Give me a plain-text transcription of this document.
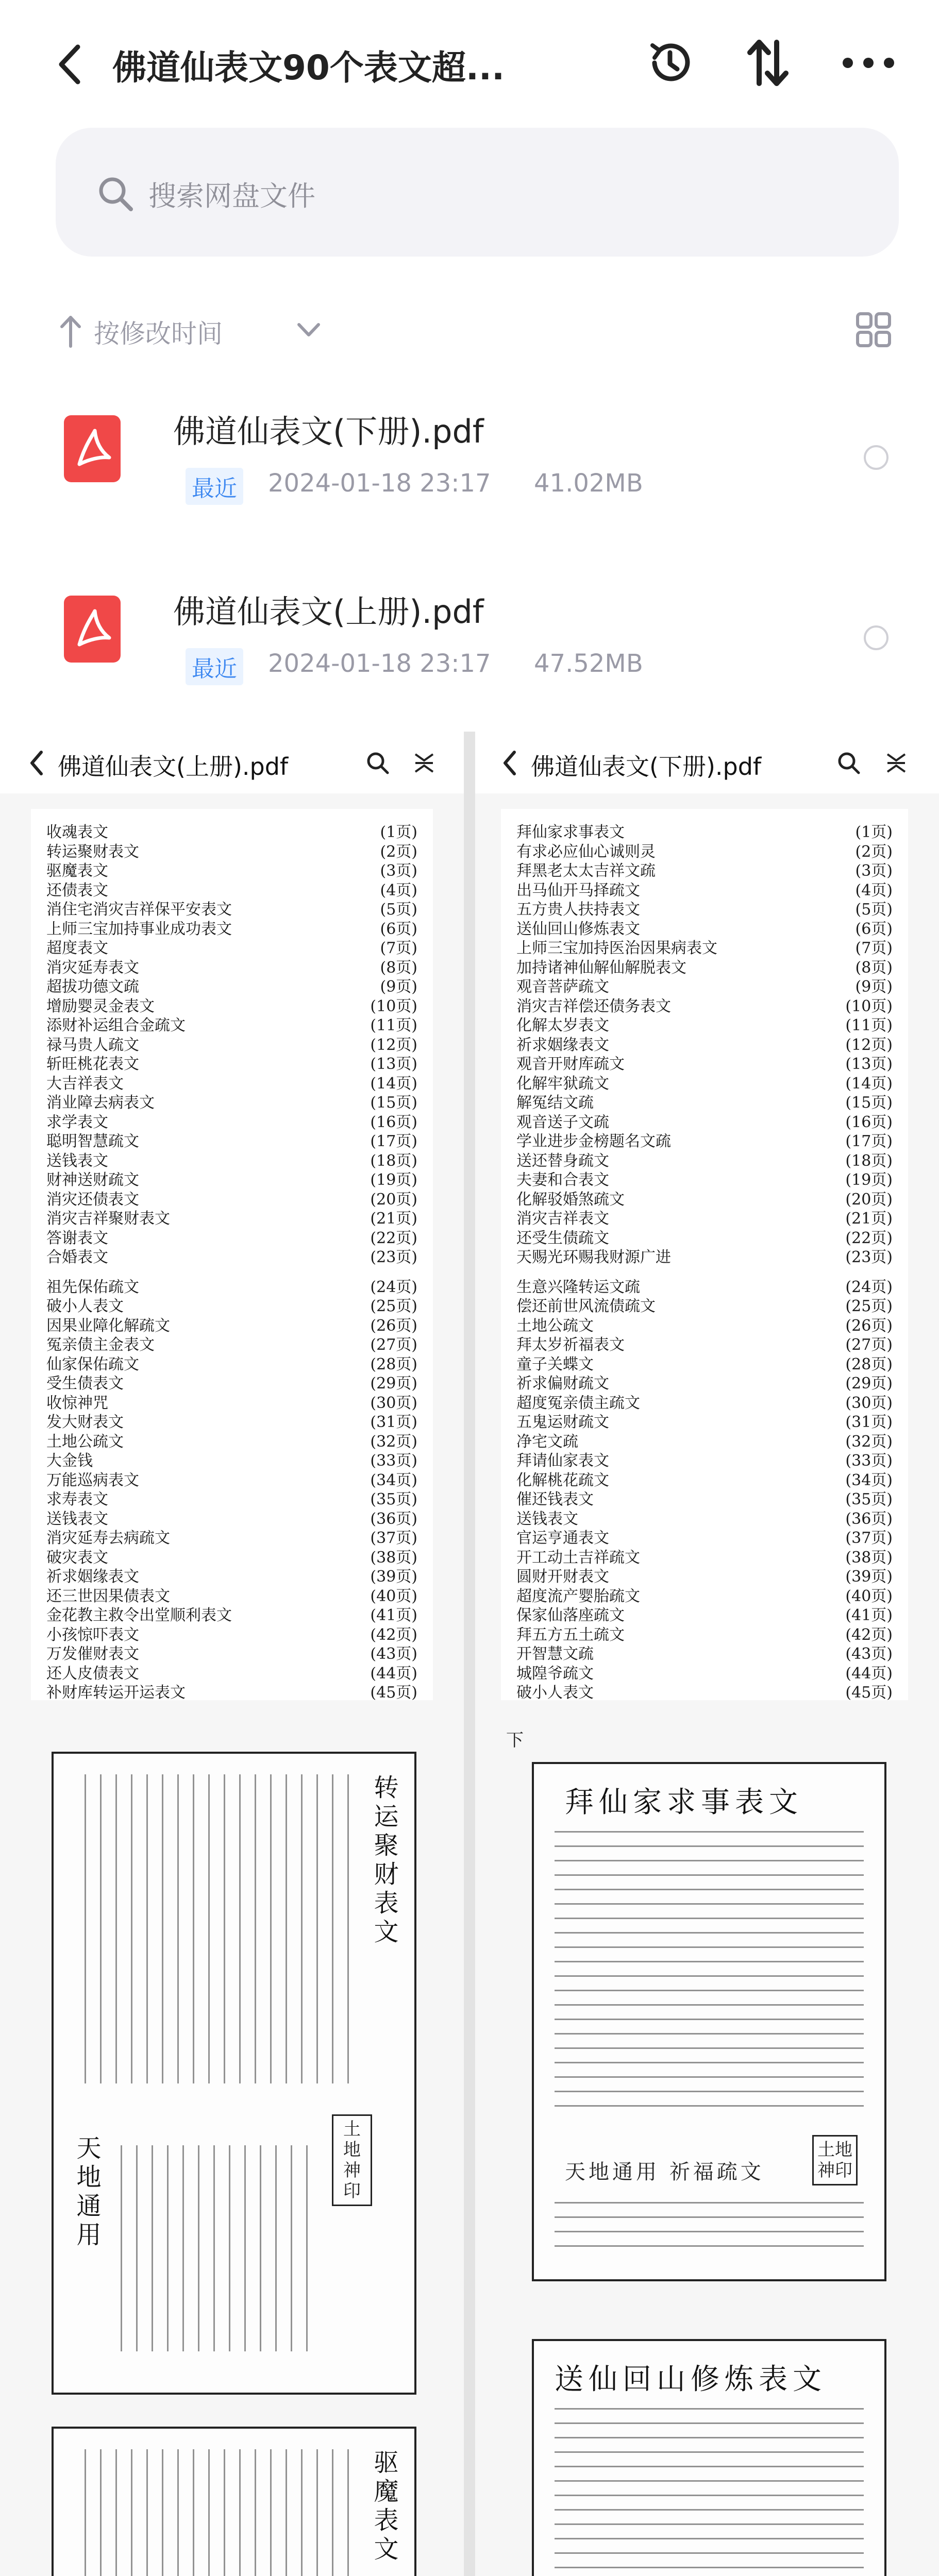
佛道仙表文90个表文超...
搜索网盘文件
按修改时间
佛道仙表文(下册).pdf
最近 2024-01-18 23:17 41.02MB
佛道仙表文(上册).pdf
最近 2024-01-18 23:17 47.52MB
佛道仙表文(上册).pdf
收魂表文	(1页)
转运聚财表文	(2页)
驱魔表文	(3页)
还债表文	(4页)
消住宅消灾吉祥保平安表文	(5页)
上师三宝加持事业成功表文	(6页)
超度表文	(7页)
消灾延寿表文	(8页)
超拔功德文疏	(9页)
增励婴灵金表文	(10页)
添财补运组合金疏文	(11页)
禄马贵人疏文	(12页)
斩旺桃花表文	(13页)
大吉祥表文	(14页)
消业障去病表文	(15页)
求学表文	(16页)
聪明智慧疏文	(17页)
送钱表文	(18页)
财神送财疏文	(19页)
消灾还债表文	(20页)
消灾吉祥聚财表文	(21页)
答谢表文	(22页)
合婚表文	(23页)
祖先保佑疏文	(24页)
破小人表文	(25页)
因果业障化解疏文	(26页)
冤亲债主金表文	(27页)
仙家保佑疏文	(28页)
受生债表文	(29页)
收惊神咒	(30页)
发大财表文	(31页)
土地公疏文	(32页)
大金钱	(33页)
万能巡病表文	(34页)
求寿表文	(35页)
送钱表文	(36页)
消灾延寿去病疏文	(37页)
破灾表文	(38页)
祈求姻缘表文	(39页)
还三世因果债表文	(40页)
金花教主救令出堂顺利表文	(41页)
小孩惊吓表文	(42页)
万发催财表文	(43页)
还人皮债表文	(44页)
补财库转运开运表文	(45页)
转运聚财表文
土地神印
天地通用
驱魔表文
佛道仙表文(下册).pdf
拜仙家求事表文	(1页)
有求必应仙心诚则灵	(2页)
拜黑老太太吉祥文疏	(3页)
出马仙开马择疏文	(4页)
五方贵人扶持表文	(5页)
送仙回山修炼表文	(6页)
上师三宝加持医治因果病表文	(7页)
加持诸神仙解仙解脱表文	(8页)
观音菩萨疏文	(9页)
消灾吉祥偿还债务表文	(10页)
化解太岁表文	(11页)
祈求姻缘表文	(12页)
观音开财库疏文	(13页)
化解牢狱疏文	(14页)
解冤结文疏	(15页)
观音送子文疏	(16页)
学业进步金榜题名文疏	(17页)
送还替身疏文	(18页)
夫妻和合表文	(19页)
化解驳婚煞疏文	(20页)
消灾吉祥表文	(21页)
还受生债疏文	(22页)
天赐光环赐我财源广进	(23页)
生意兴隆转运文疏	(24页)
偿还前世风流债疏文	(25页)
土地公疏文	(26页)
拜太岁祈福表文	(27页)
童子关蝶文	(28页)
祈求偏财疏文	(29页)
超度冤亲债主疏文	(30页)
五鬼运财疏文	(31页)
净宅文疏	(32页)
拜请仙家表文	(33页)
化解桃花疏文	(34页)
催还钱表文	(35页)
送钱表文	(36页)
官运亨通表文	(37页)
开工动土吉祥疏文	(38页)
圆财开财表文	(39页)
超度流产婴胎疏文	(40页)
保家仙落座疏文	(41页)
拜五方五土疏文	(42页)
开智慧文疏	(43页)
城隍爷疏文	(44页)
破小人表文	(45页)
下
拜仙家求事表文
土地神印
天地通用 祈福疏文
送仙回山修炼表文
